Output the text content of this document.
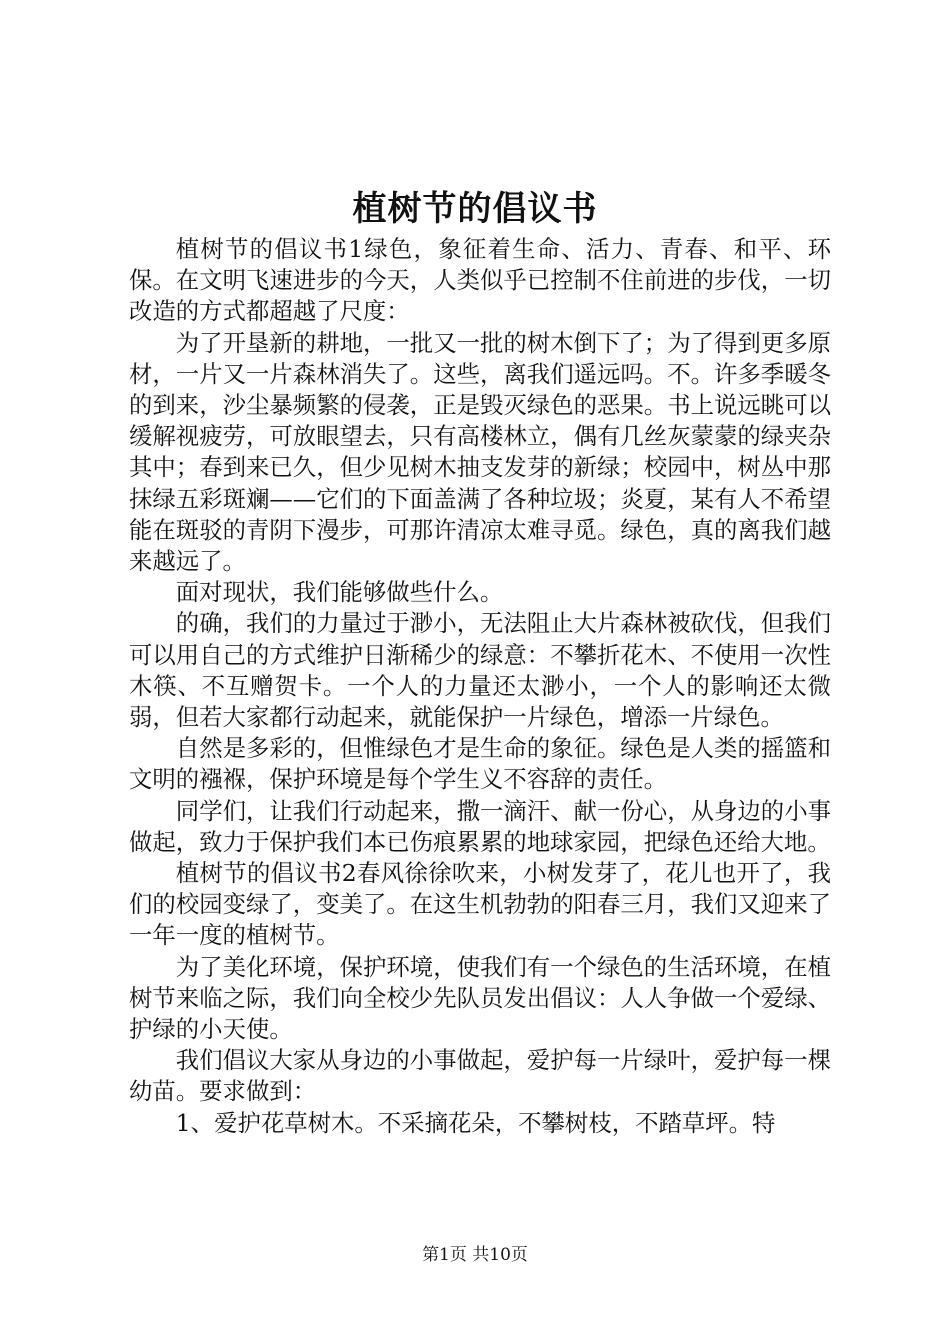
植树节的倡议书

植树节的倡议书1绿色，象征着生命、活力、青春、和平、环保。在文明飞速进步的今天，人类似乎已控制不住前进的步伐，一切改造的方式都超越了尺度：

为了开垦新的耕地，一批又一批的树木倒下了；为了得到更多原材，一片又一片森林消失了。这些，离我们遥远吗。不。许多季暖冬的到来，沙尘暴频繁的侵袭，正是毁灭绿色的恶果。书上说远眺可以缓解视疲劳，可放眼望去，只有高楼林立，偶有几丝灰蒙蒙的绿夹杂其中；春到来已久，但少见树木抽支发芽的新绿；校园中，树丛中那抹绿五彩斑斓——它们的下面盖满了各种垃圾；炎夏，某有人不希望能在斑驳的青阴下漫步，可那许清凉太难寻觅。绿色，真的离我们越来越远了。

面对现状，我们能够做些什么。

的确，我们的力量过于渺小，无法阻止大片森林被砍伐，但我们可以用自己的方式维护日渐稀少的绿意：不攀折花木、不使用一次性木筷、不互赠贺卡。一个人的力量还太渺小，一个人的影响还太微弱，但若大家都行动起来，就能保护一片绿色，增添一片绿色。

自然是多彩的，但惟绿色才是生命的象征。绿色是人类的摇篮和文明的襁褓，保护环境是每个学生义不容辞的责任。

同学们，让我们行动起来，撒一滴汗、献一份心，从身边的小事做起，致力于保护我们本已伤痕累累的地球家园，把绿色还给大地。

植树节的倡议书2春风徐徐吹来，小树发芽了，花儿也开了，我们的校园变绿了，变美了。在这生机勃勃的阳春三月，我们又迎来了一年一度的植树节。

为了美化环境，保护环境，使我们有一个绿色的生活环境，在植树节来临之际，我们向全校少先队员发出倡议：人人争做一个爱绿、护绿的小天使。

我们倡议大家从身边的小事做起，爱护每一片绿叶，爱护每一棵幼苗。要求做到：

1、爱护花草树木。不采摘花朵，不攀树枝，不踏草坪。特

第1页 共10页
